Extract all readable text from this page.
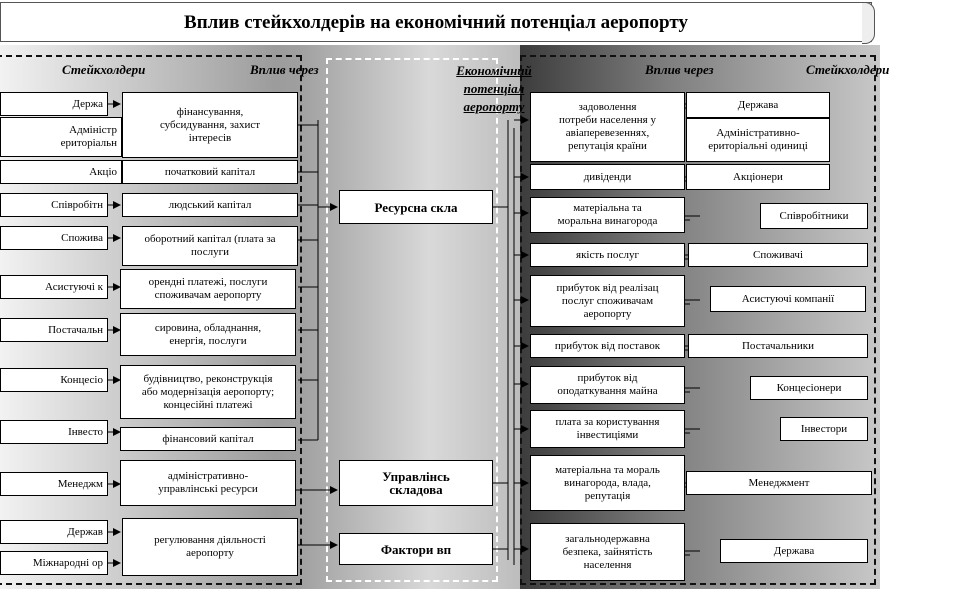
Вплив стейкхолдерів на економічний потенціал аеропорту
Стейкхолдери	Вплив через	Економічний
потенціал
аеропорту
Вплив через	Стейкхолдери
Держа
Адміністр
ериторіальн
Акціо
Співробітн
Спожива
Асистуючі к
Постачальн
Концесіо
Інвесто
Менеджм
Держав
Міжнародні ор
фінансування,
субсидування, захист
інтересів
початковий капітал
людський капітал
оборотний капітал (плата за
послуги
орендні платежі, послуги
споживачам аеропорту
сировина, обладнання,
енергія, послуги
будівництво, реконструкція
або модернізація аеропорту;
концесійні платежі
фінансовий капітал
адміністративно-
управлінські ресурси
регулювання діяльності
аеропорту
Ресурсна скла
Управлінсь
складова
Фактори вп
задоволення
потреби населення у
авіаперевезеннях,
репутація країни
дивіденди
матеріальна та
моральна винагорода
якість послуг
прибуток від реалізац
послуг споживачам
аеропорту
прибуток від поставок
прибуток від
оподаткування майна
плата за користування
інвестиціями
матеріальна та мораль
винагорода, влада,
репутація
загальнодержавна
безпека, зайнятість
населення
Держава
Адміністративно-
ериторіальні одиниці
Акціонери
Співробітники
Споживачі
Асистуючі компанії
Постачальники
Концесіонери
Інвестори
Менеджмент
Держава
